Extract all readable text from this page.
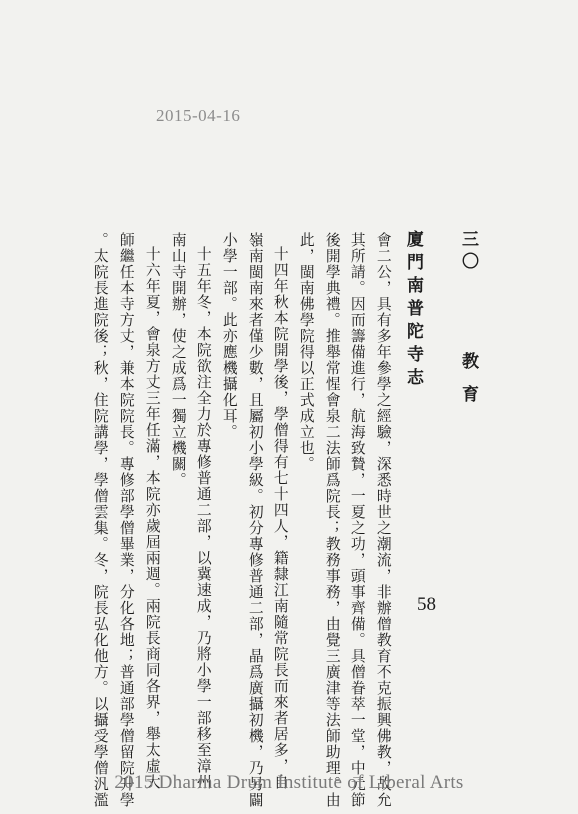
2015-04-16
三〇
教 育
廈門南普陀寺志
會二公，具有多年參學之經驗，深悉時世之潮流，非辦僧教育不克振興佛教，故允
其所請。因而籌備進行，航海致贄，一夏之功，頭事齊備。具僧眷萃一堂，中元節
後開學典禮。推舉常惺會泉二法師爲院長；教務事務，由覺三廣津等法師助理。由
此，閩南佛學院得以正式成立也。
十四年秋本院開學後，學僧得有七十四人，籍隸江南隨常院長而來者居多，自
嶺南閩南來者僅少數，且屬初小學級。初分專修普通二部，晶爲廣攝初機，乃另闢
小學一部。此亦應機攝化耳。
十五年冬，本院欲注全力於專修普通二部，以冀速成，乃將小學一部移至漳州
南山寺開辦，使之成爲一獨立機關。
十六年夏，會泉方丈三年任滿，本院亦歲屆兩週。兩院長商同各界，舉太虛大
師繼任本寺方丈，兼本院院長。專修部學僧畢業，分化各地；普通部學僧留院升學
。太院長進院後；秋，住院講學，學僧雲集。冬，院長弘化他方。以攝受學僧汎濫	58
2015 Dharma Drum Institute of Liberal Arts
